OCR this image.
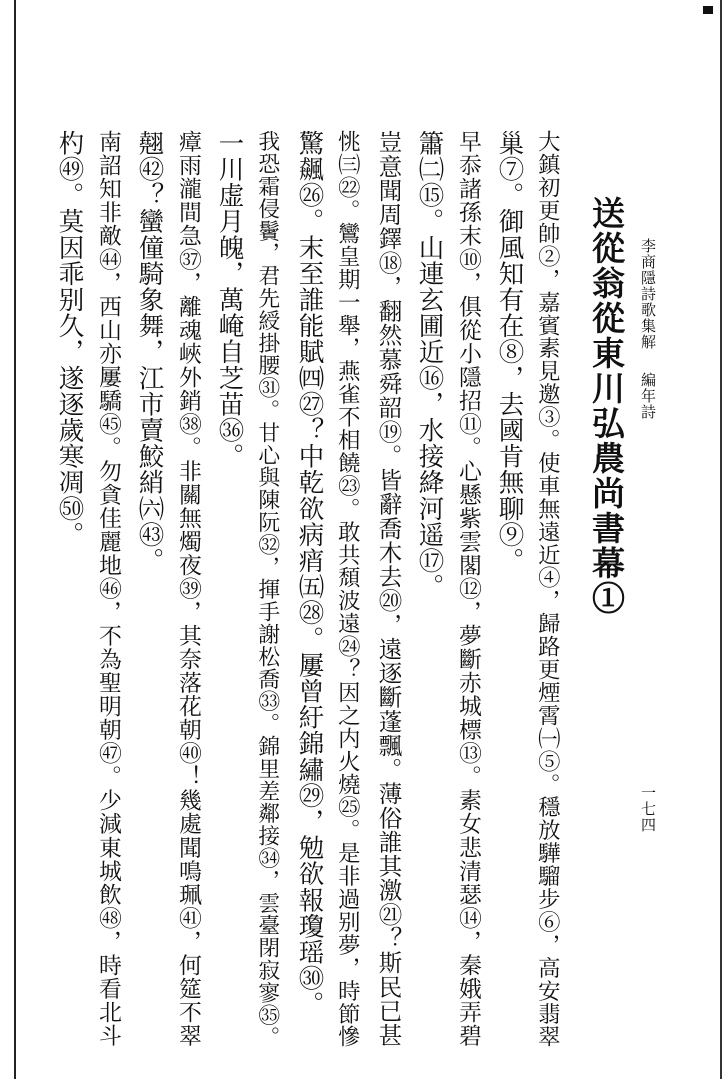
李商隱詩歌集解
編年詩
一七四
送從翁從東川弘農尚書幕①
大鎮初更帥②，嘉賓素見邀③。使車無遠近④，歸路更煙霄㈠⑤。穩放驊騮步⑥，高安翡翠
巢⑦。御風知有在⑧，去國肯無聊⑨。
早忝諸孫末⑩，俱從小隱招⑪。心懸紫雲閣⑫，夢斷赤城標⑬。素女悲清瑟⑭，秦娥弄碧
簫㈡⑮。山連玄圃近⑯，水接絳河遥⑰。
豈意聞周鐸⑱，翻然慕舜韶⑲。皆辭喬木去⑳，遠逐斷蓬飄。薄俗誰其激㉑？斯民已甚
恌㈢㉒。鸞皇期一舉，燕雀不相饒㉓。敢共頹波遠㉔？因之内火燒㉕。是非過别夢，時節慘
驚飆㉖。末至誰能賦㈣㉗？中乾欲病痟㈤㉘。屢曾紆錦繡㉙，勉欲報瓊瑶㉚。
我恐霜侵鬢，君先綬掛腰㉛。甘心與陳阮㉜，揮手謝松喬㉝。錦里差鄰接㉞，雲臺閉寂寥㉟。
一川虚月魄，萬崦自芝苗㊱。
瘴雨瀧間急㊲，離魂峽外銷㊳。非關無燭夜㊴，其奈落花朝㊵！幾處聞鳴珮㊶，何筵不翠
翹㊷？蠻僮騎象舞，江市賣鮫綃㈥㊸。
南詔知非敵㊹，西山亦屢驕㊺。勿貪佳麗地㊻，不為聖明朝㊼。少減東城飲㊽，時看北斗
杓㊾。莫因乖别久，遂逐歲寒凋㊿。
